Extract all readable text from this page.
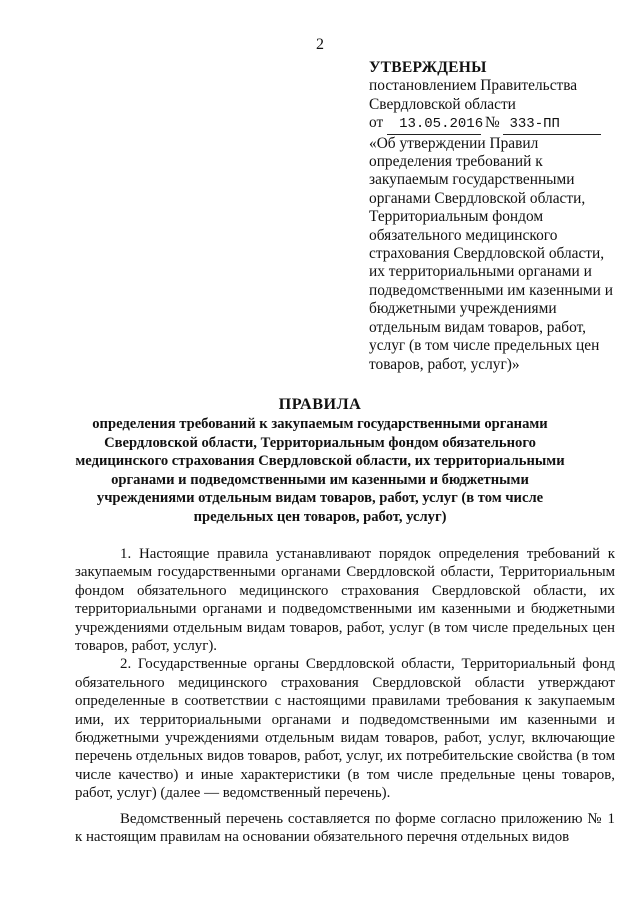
2
УТВЕРЖДЕНЫ
постановлением Правительства
Свердловской области
от 13.05.2016 № 333-ПП
«Об утверждении Правил
определения требований к
закупаемым государственными
органами Свердловской области,
Территориальным фондом
обязательного медицинского
страхования Свердловской области,
их территориальными органами и
подведомственными им казенными и
бюджетными учреждениями
отдельным видам товаров, работ,
услуг (в том числе предельных цен
товаров, работ, услуг)»
ПРАВИЛА
определения требований к закупаемым государственными органами
Свердловской области, Территориальным фондом обязательного
медицинского страхования Свердловской области, их территориальными
органами и подведомственными им казенными и бюджетными
учреждениями отдельным видам товаров, работ, услуг (в том числе
предельных цен товаров, работ, услуг)

1. Настоящие правила устанавливают порядок определения требований к закупаемым государственными органами Свердловской области, Территориальным фондом обязательного медицинского страхования Свердловской области, их территориальными органами и подведомственными им казенными и бюджетными учреждениями отдельным видам товаров, работ, услуг (в том числе предельных цен товаров, работ, услуг).

2. Государственные органы Свердловской области, Территориальный фонд обязательного медицинского страхования Свердловской области утверждают определенные в соответствии с настоящими правилами требования к закупаемым ими, их территориальными органами и подведомственными им казенными и бюджетными учреждениями отдельным видам товаров, работ, услуг, включающие перечень отдельных видов товаров, работ, услуг, их потребительские свойства (в том числе качество) и иные характеристики (в том числе предельные цены товаров, работ, услуг) (далее — ведомственный перечень).

Ведомственный перечень составляется по форме согласно приложению № 1 к настоящим правилам на основании обязательного перечня отдельных видов
